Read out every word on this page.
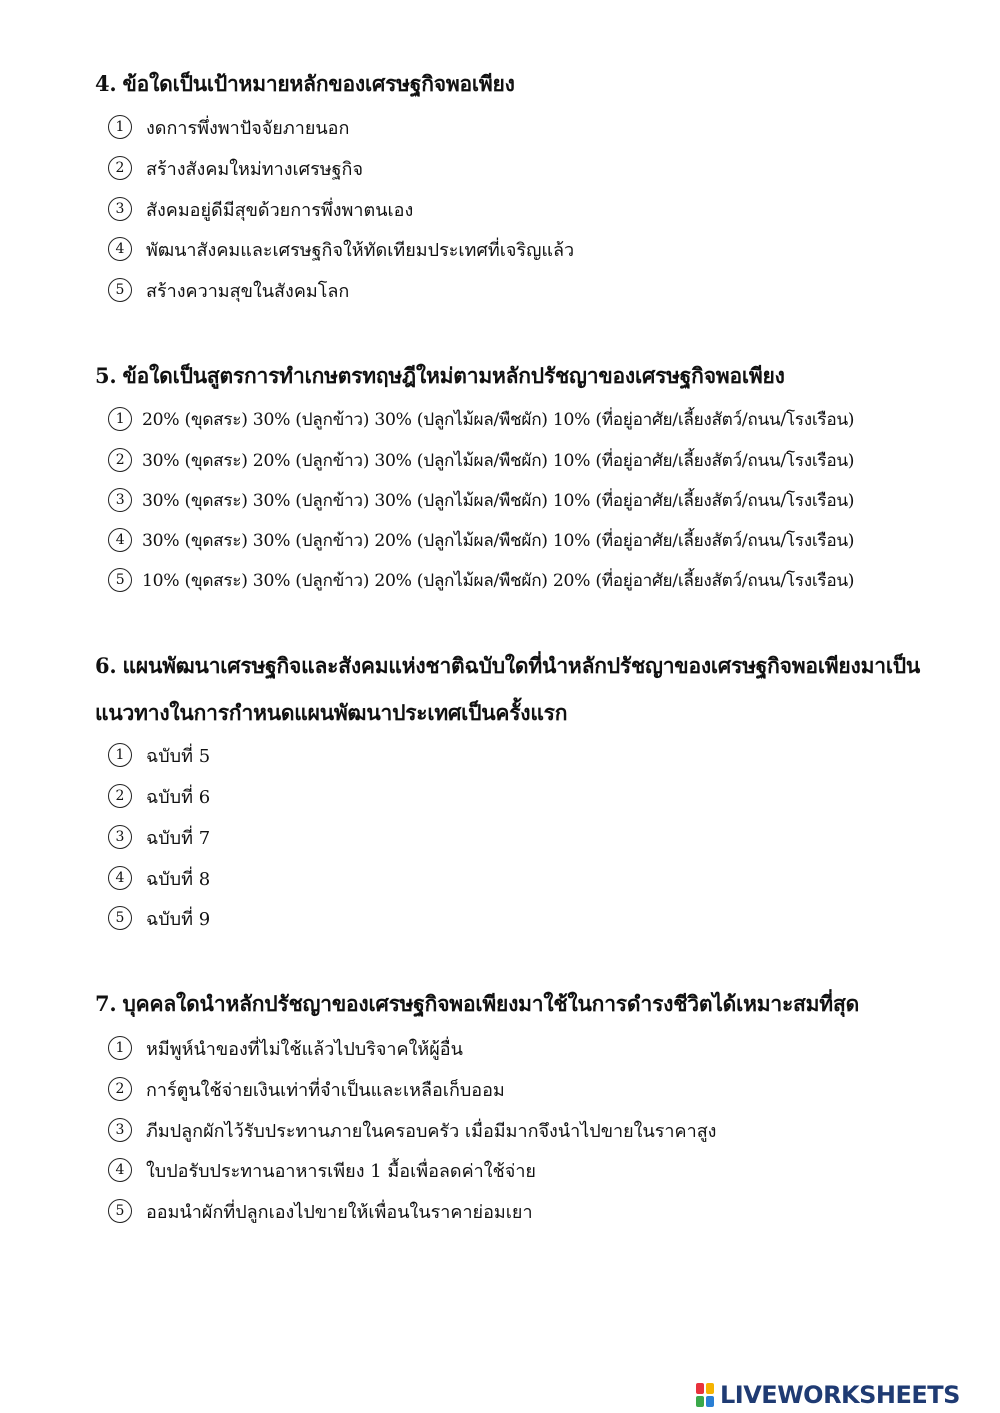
4. ข้อใดเป็นเป้าหมายหลักของเศรษฐกิจพอเพียง
1	งดการพึ่งพาปัจจัยภายนอก
2	สร้างสังคมใหม่ทางเศรษฐกิจ
3	สังคมอยู่ดีมีสุขด้วยการพึ่งพาตนเอง
4	พัฒนาสังคมและเศรษฐกิจให้ทัดเทียมประเทศที่เจริญแล้ว
5	สร้างความสุขในสังคมโลก
5. ข้อใดเป็นสูตรการทำเกษตรทฤษฎีใหม่ตามหลักปรัชญาของเศรษฐกิจพอเพียง
1	20% (ขุดสระ) 30% (ปลูกข้าว) 30% (ปลูกไม้ผล/พืชผัก) 10% (ที่อยู่อาศัย/เลี้ยงสัตว์/ถนน/โรงเรือน)
2	30% (ขุดสระ) 20% (ปลูกข้าว) 30% (ปลูกไม้ผล/พืชผัก) 10% (ที่อยู่อาศัย/เลี้ยงสัตว์/ถนน/โรงเรือน)
3	30% (ขุดสระ) 30% (ปลูกข้าว) 30% (ปลูกไม้ผล/พืชผัก) 10% (ที่อยู่อาศัย/เลี้ยงสัตว์/ถนน/โรงเรือน)
4	30% (ขุดสระ) 30% (ปลูกข้าว) 20% (ปลูกไม้ผล/พืชผัก) 10% (ที่อยู่อาศัย/เลี้ยงสัตว์/ถนน/โรงเรือน)
5	10% (ขุดสระ) 30% (ปลูกข้าว) 20% (ปลูกไม้ผล/พืชผัก) 20% (ที่อยู่อาศัย/เลี้ยงสัตว์/ถนน/โรงเรือน)
6. แผนพัฒนาเศรษฐกิจและสังคมแห่งชาติฉบับใดที่นำหลักปรัชญาของเศรษฐกิจพอเพียงมาเป็น
แนวทางในการกำหนดแผนพัฒนาประเทศเป็นครั้งแรก
1	ฉบับที่ 5
2	ฉบับที่ 6
3	ฉบับที่ 7
4	ฉบับที่ 8
5	ฉบับที่ 9
7. บุคคลใดนำหลักปรัชญาของเศรษฐกิจพอเพียงมาใช้ในการดำรงชีวิตได้เหมาะสมที่สุด
1	หมีพูห์นำของที่ไม่ใช้แล้วไปบริจาคให้ผู้อื่น
2	การ์ตูนใช้จ่ายเงินเท่าที่จำเป็นและเหลือเก็บออม
3	ภีมปลูกผักไว้รับประทานภายในครอบครัว เมื่อมีมากจึงนำไปขายในราคาสูง
4	ใบปอรับประทานอาหารเพียง 1 มื้อเพื่อลดค่าใช้จ่าย
5	ออมนำผักที่ปลูกเองไปขายให้เพื่อนในราคาย่อมเยา
LIVEWORKSHEETS
